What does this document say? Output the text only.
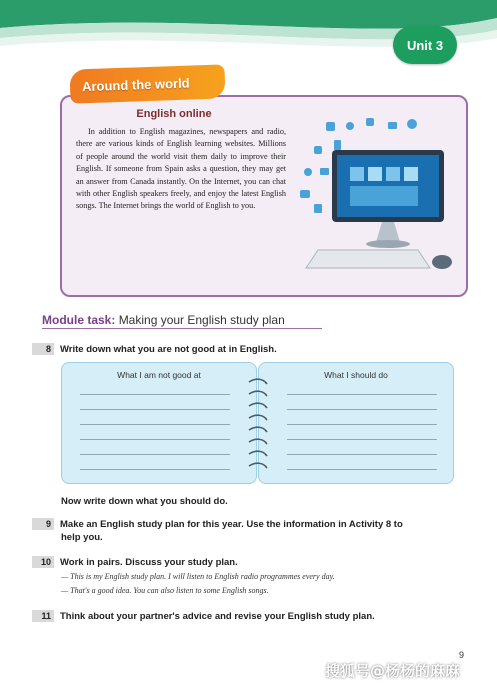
Unit 3
Around the world
English online

In addition to English magazines, newspapers and radio, there are various kinds of English learning websites. Millions of people around the world visit them daily to improve their English. If someone from Spain asks a question, they may get an answer from Canada instantly. On the Internet, you can chat with other English speakers freely, and enjoy the latest English songs. The Internet brings the world of English to you.

Module task: Making your English study plan
8 Write down what you are not good at in English.
What I am not good at	What I should do
Now write down what you should do.
9 Make an English study plan for this year. Use the information in Activity 8 to
help you.
10 Work in pairs. Discuss your study plan.
— This is my English study plan. I will listen to English radio programmes every day.
— That's a good idea. You can also listen to some English songs.
11 Think about your partner's advice and revise your English study plan.
9
搜狐号@杨杨的麻麻
